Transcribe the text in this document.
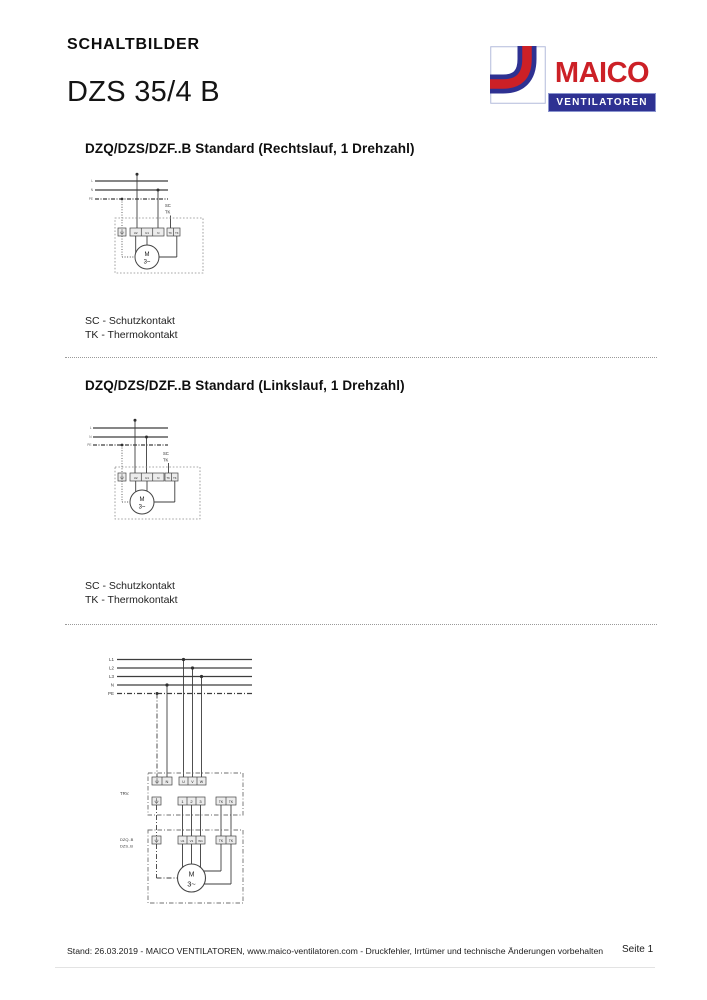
SCHALTBILDER
DZS 35/4 B
MAICO
VENTILATOREN
DZQ/DZS/DZF..B Standard (Rechtslauf, 1 Drehzahl)
L
N
PE
SC
TK
U2 U1	N	TK TK
M
3~
SC - Schutzkontakt
TK - Thermokontakt
DZQ/DZS/DZF..B Standard (Linkslauf, 1 Drehzahl)
L
N
PE
SC
TK
U2 U1	N	TK TK
M
3~
SC - Schutzkontakt
TK - Thermokontakt
L1
L2
L3
N
PE
TRV.
N	U V W
1 2 3	TK TK
DZQ..B
DZS..B
U1 V1 W1	TK TK
M
3~
Stand: 26.03.2019 - MAICO VENTILATOREN, www.maico-ventilatoren.com - Druckfehler, Irrtümer und technische Änderungen vorbehalten Seite 1
